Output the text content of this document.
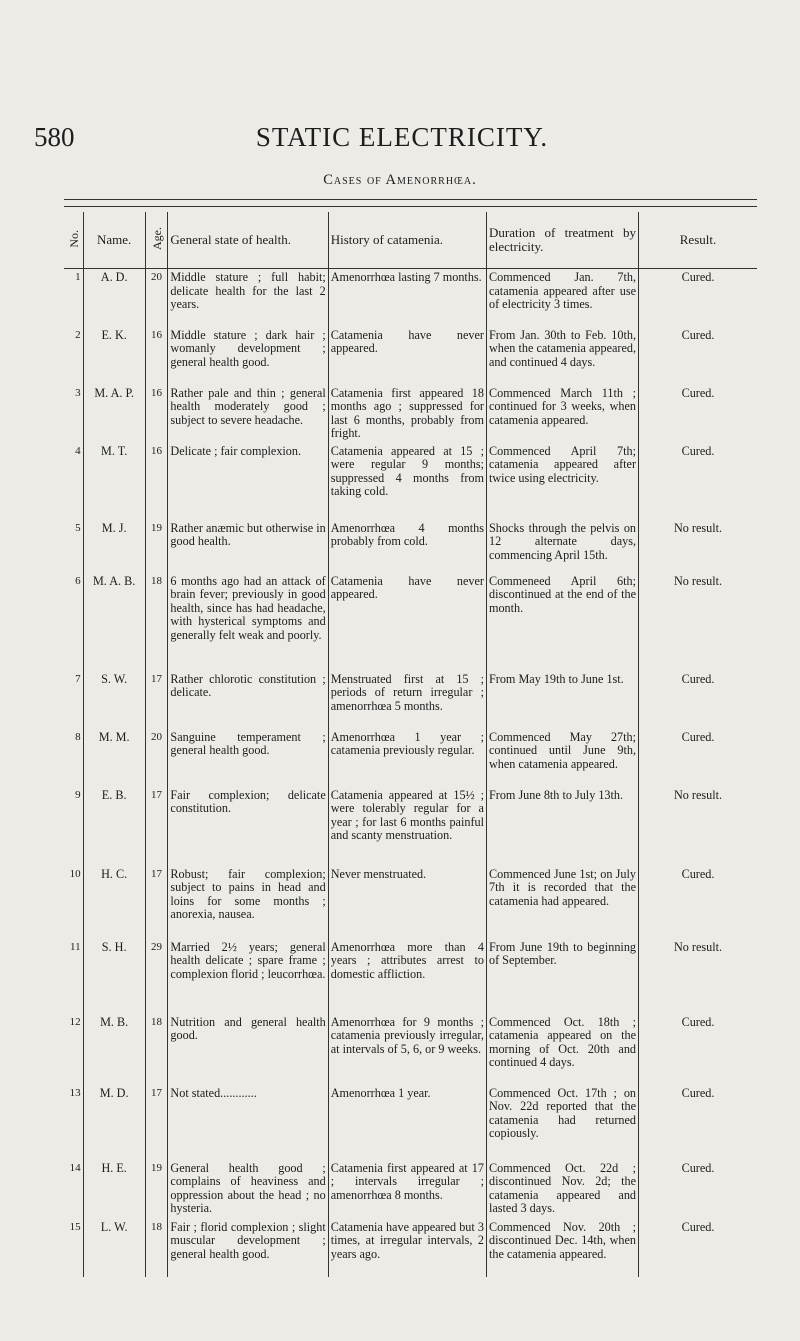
580	STATIC ELECTRICITY.
Cases of Amenorrhœa.
No.	Name.	Age.	General state of health.	History of catamenia.	Duration of treatment by electricity.	Result.
1	A. D.	20	Middle stature ; full habit; delicate health for the last 2 years.	Amenorrhœa lasting 7 months.	Commenced Jan. 7th, catamenia appeared after use of electricity 3 times.	Cured.
2	E. K.	16	Middle stature ; dark hair ; womanly development ; general health good.	Catamenia have never appeared.	From Jan. 30th to Feb. 10th, when the catamenia appeared, and continued 4 days.	Cured.
3	M. A. P.	16	Rather pale and thin ; general health moderately good ; subject to severe headache.	Catamenia first appeared 18 months ago ; suppressed for last 6 months, probably from fright.	Commenced March 11th ; continued for 3 weeks, when catamenia appeared.	Cured.
4	M. T.	16	Delicate ; fair complexion.	Catamenia appeared at 15 ; were regular 9 months; suppressed 4 months from taking cold.	Commenced April 7th; catamenia appeared after twice using electricity.	Cured.
5	M. J.	19	Rather anæmic but otherwise in good health.	Amenorrhœa 4 months probably from cold.	Shocks through the pelvis on 12 alternate days, commencing April 15th.	No result.
6	M. A. B.	18	6 months ago had an attack of brain fever; previously in good health, since has had headache, with hysterical symptoms and generally felt weak and poorly.	Catamenia have never appeared.	Commeneed April 6th; discontinued at the end of the month.	No result.
7	S. W.	17	Rather chlorotic constitution ; delicate.	Menstruated first at 15 ; periods of return irregular ; amenorrhœa 5 months.	From May 19th to June 1st.	Cured.
8	M. M.	20	Sanguine temperament ; general health good.	Amenorrhœa 1 year ; catamenia previously regular.	Commenced May 27th; continued until June 9th, when catamenia appeared.	Cured.
9	E. B.	17	Fair complexion; delicate constitution.	Catamenia appeared at 15½ ; were tolerably regular for a year ; for last 6 months painful and scanty menstruation.	From June 8th to July 13th.	No result.
10	H. C.	17	Robust; fair complexion; subject to pains in head and loins for some months ; anorexia, nausea.	Never menstruated.	Commenced June 1st; on July 7th it is recorded that the catamenia had appeared.	Cured.
11	S. H.	29	Married 2½ years; general health delicate ; spare frame ; complexion florid ; leucorrhœa.	Amenorrhœa more than 4 years ; attributes arrest to domestic affliction.	From June 19th to beginning of September.	No result.
12	M. B.	18	Nutrition and general health good.	Amenorrhœa for 9 months ; catamenia previously irregular, at intervals of 5, 6, or 9 weeks.	Commenced Oct. 18th ; catamenia appeared on the morning of Oct. 20th and continued 4 days.	Cured.
13	M. D.	17	Not stated............	Amenorrhœa 1 year.	Commenced Oct. 17th ; on Nov. 22d reported that the catamenia had returned copiously.	Cured.
14	H. E.	19	General health good ; complains of heaviness and oppression about the head ; no hysteria.	Catamenia first appeared at 17 ; intervals irregular ; amenorrhœa 8 months.	Commenced Oct. 22d ; discontinued Nov. 2d; the catamenia appeared and lasted 3 days.	Cured.
15	L. W.	18	Fair ; florid complexion ; slight muscular development ; general health good.	Catamenia have appeared but 3 times, at irregular intervals, 2 years ago.	Commenced Nov. 20th ; discontinued Dec. 14th, when the catamenia appeared.	Cured.
